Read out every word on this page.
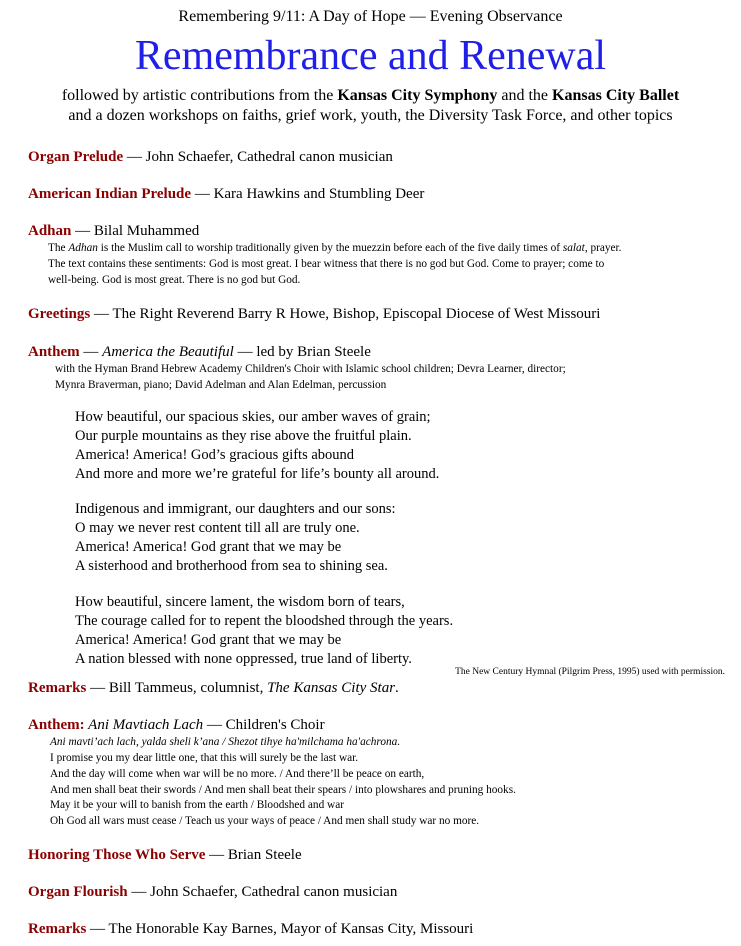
Remembering 9/11: A Day of Hope — Evening Observance
Remembrance and Renewal
followed by artistic contributions from the Kansas City Symphony and the Kansas City Ballet
and a dozen workshops on faiths, grief work, youth, the Diversity Task Force, and other topics
Organ Prelude — John Schaefer, Cathedral canon musician
American Indian Prelude — Kara Hawkins and Stumbling Deer
Adhan — Bilal Muhammed
The Adhan is the Muslim call to worship traditionally given by the muezzin before each of the five daily times of salat, prayer.
The text contains these sentiments: God is most great. I bear witness that there is no god but God. Come to prayer; come to
well-being. God is most great. There is no god but God.
Greetings — The Right Reverend Barry R Howe, Bishop, Episcopal Diocese of West Missouri
Anthem — America the Beautiful — led by Brian Steele
with the Hyman Brand Hebrew Academy Children's Choir with Islamic school children; Devra Learner, director;
Mynra Braverman, piano; David Adelman and Alan Edelman, percussion
How beautiful, our spacious skies, our amber waves of grain;
Our purple mountains as they rise above the fruitful plain.
America! America! God’s gracious gifts abound
And more and more we’re grateful for life’s bounty all around.
Indigenous and immigrant, our daughters and our sons:
O may we never rest content till all are truly one.
America! America! God grant that we may be
A sisterhood and brotherhood from sea to shining sea.
How beautiful, sincere lament, the wisdom born of tears,
The courage called for to repent the bloodshed through the years.
America! America! God grant that we may be
A nation blessed with none oppressed, true land of liberty.
The New Century Hymnal (Pilgrim Press, 1995) used with permission.
Remarks — Bill Tammeus, columnist, The Kansas City Star.
Anthem: Ani Mavtiach Lach — Children's Choir
Ani mavti’ach lach, yalda sheli k’ana / Shezot tihye ha'milchama ha'achrona.
I promise you my dear little one, that this will surely be the last war.
And the day will come when war will be no more. / And there’ll be peace on earth,
And men shall beat their swords / And men shall beat their spears / into plowshares and pruning hooks.
May it be your will to banish from the earth / Bloodshed and war
Oh God all wars must cease / Teach us your ways of peace / And men shall study war no more.
Honoring Those Who Serve — Brian Steele
Organ Flourish — John Schaefer, Cathedral canon musician
Remarks — The Honorable Kay Barnes, Mayor of Kansas City, Missouri
